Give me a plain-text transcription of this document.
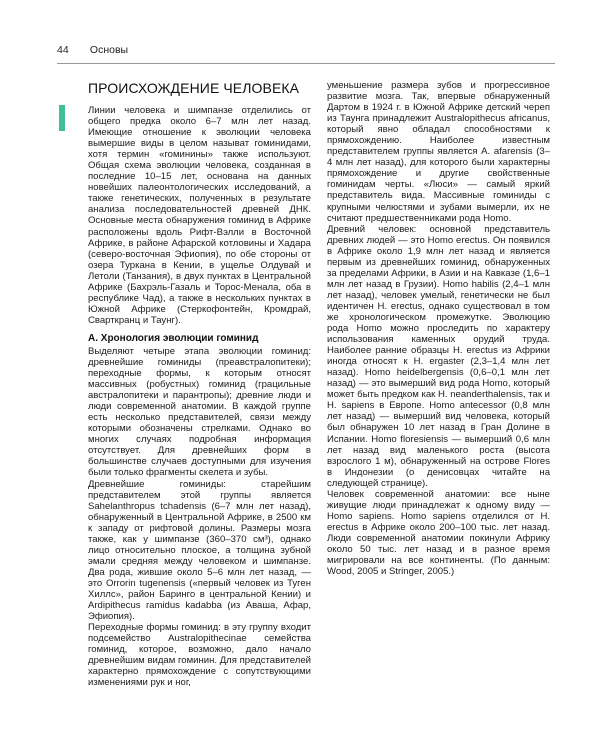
44 Основы
ПРОИСХОЖДЕНИЕ ЧЕЛОВЕКА

Линии человека и шимпанзе отделились от общего предка около 6–7 млн лет назад. Имеющие отношение к эволюции человека вымершие виды в целом называт гоминидами, хотя термин «гоминины» также используют. Общая схема эволюции человека, созданная в последние 10–15 лет, основана на данных новейших палеонтологических исследований, а также генетических, полученных в результате анализа последовательностей древней ДНК. Основные места обнаружения гоминид в Африке расположены вдоль Рифт-Вэлли в Восточной Африке, в районе Афарской котловины и Хадара (северо-восточная Эфиопия), по обе стороны от озера Туркана в Кении, в ущелье Олдувай и Летоли (Танзания), в двух пунктах в Центральной Африке (Бахрэль-Газаль и Торос-Менала, оба в республике Чад), а также в нескольких пунктах в Южной Африке (Стеркофонтейн, Кромдрай, Сварткранц и Таунг).

А. Хронология эволюции гоминид

Выделяют четыре этапа эволюции гоминид: древнейшие гоминиды (преавстралопитеки); переходные формы, к которым относят массивных (робустных) гоминид (грацильные австралопитеки и парантропы); древние люди и люди современной анатомии. В каждой группе есть несколько представителей, связи между которыми обозначены стрелками. Однако во многих случаях подробная информация отсутствует. Для древнейших форм в большинстве случаев доступными для изучения были только фрагменты скелета и зубы.

Древнейшие гоминиды: старейшим представителем этой группы является Sahelanthropus tchadensis (6–7 млн лет назад), обнаруженный в Центральной Африке, в 2500 км к западу от рифтовой долины. Размеры мозга также, как у шимпанзе (360–370 см³), однако лицо относительно плоское, а толщина зубной эмали средняя между человеком и шимпанзе. Два рода, жившие около 5–6 млн лет назад, — это Orrorin tugenensis («первый человек из Туген Хиллс», район Баринго в центральной Кении) и Ardipithecus ramidus kadabba (из Аваша, Афар, Эфиопия).

Переходные формы гоминид: в эту группу входит подсемейство Australopithecinae семейства гоминид, которое, возможно, дало начало древнейшим видам гоминин. Для представителей характерно прямохождение с сопутствующими изменениями рук и ног,

уменьшение размера зубов и прогрессивное развитие мозга. Так, впервые обнаруженный Дартом в 1924 г. в Южной Африке детский череп из Таунга принадлежит Australopithecus africanus, который явно обладал способностями к прямохождению. Наиболее известным представителем группы является A. afarensis (3–4 млн лет назад), для которого были характерны прямохождение и другие свойственные гоминидам черты. «Люси» — самый яркий представитель вида. Массивные гоминиды с крупными челюстями и зубами вымерли, их не считают предшественниками рода Homo.

Древний человек: основной представитель древних людей — это Homo erectus. Он появился в Африке около 1,9 млн лет назад и является первым из древнейших гоминид, обнаруженных за пределами Африки, в Азии и на Кавказе (1,6–1 млн лет назад в Грузии). Homo habilis (2,4–1 млн лет назад), человек умелый, генетически не был идентичен H. erectus, однако существовал в том же хронологическом промежутке. Эволюцию рода Homo можно проследить по характеру использования каменных орудий труда. Наиболее ранние образцы H. erectus из Африки иногда относят к H. ergaster (2,3–1,4 млн лет назад). Homo heidelbergensis (0,6–0,1 млн лет назад) — это вымерший вид рода Homo, который может быть предком как H. neanderthalensis, так и H. sapiens в Европе. Homo antecessor (0,8 млн лет назад) — вымерший вид человека, который был обнаружен 10 лет назад в Гран Долине в Испании. Homo floresiensis — вымерший 0,6 млн лет назад вид маленького роста (высота взрослого 1 м), обнаруженный на острове Flores в Индонезии (о денисовцах читайте на следующей странице).

Человек современной анатомии: все ныне живущие люди принадлежат к одному виду — Homo sapiens. Homo sapiens отделился от H. erectus в Африке около 200–100 тыс. лет назад. Люди современной анатомии покинули Африку около 50 тыс. лет назад и в разное время мигрировали на все континенты. (По данным: Wood, 2005 и Stringer, 2005.)
